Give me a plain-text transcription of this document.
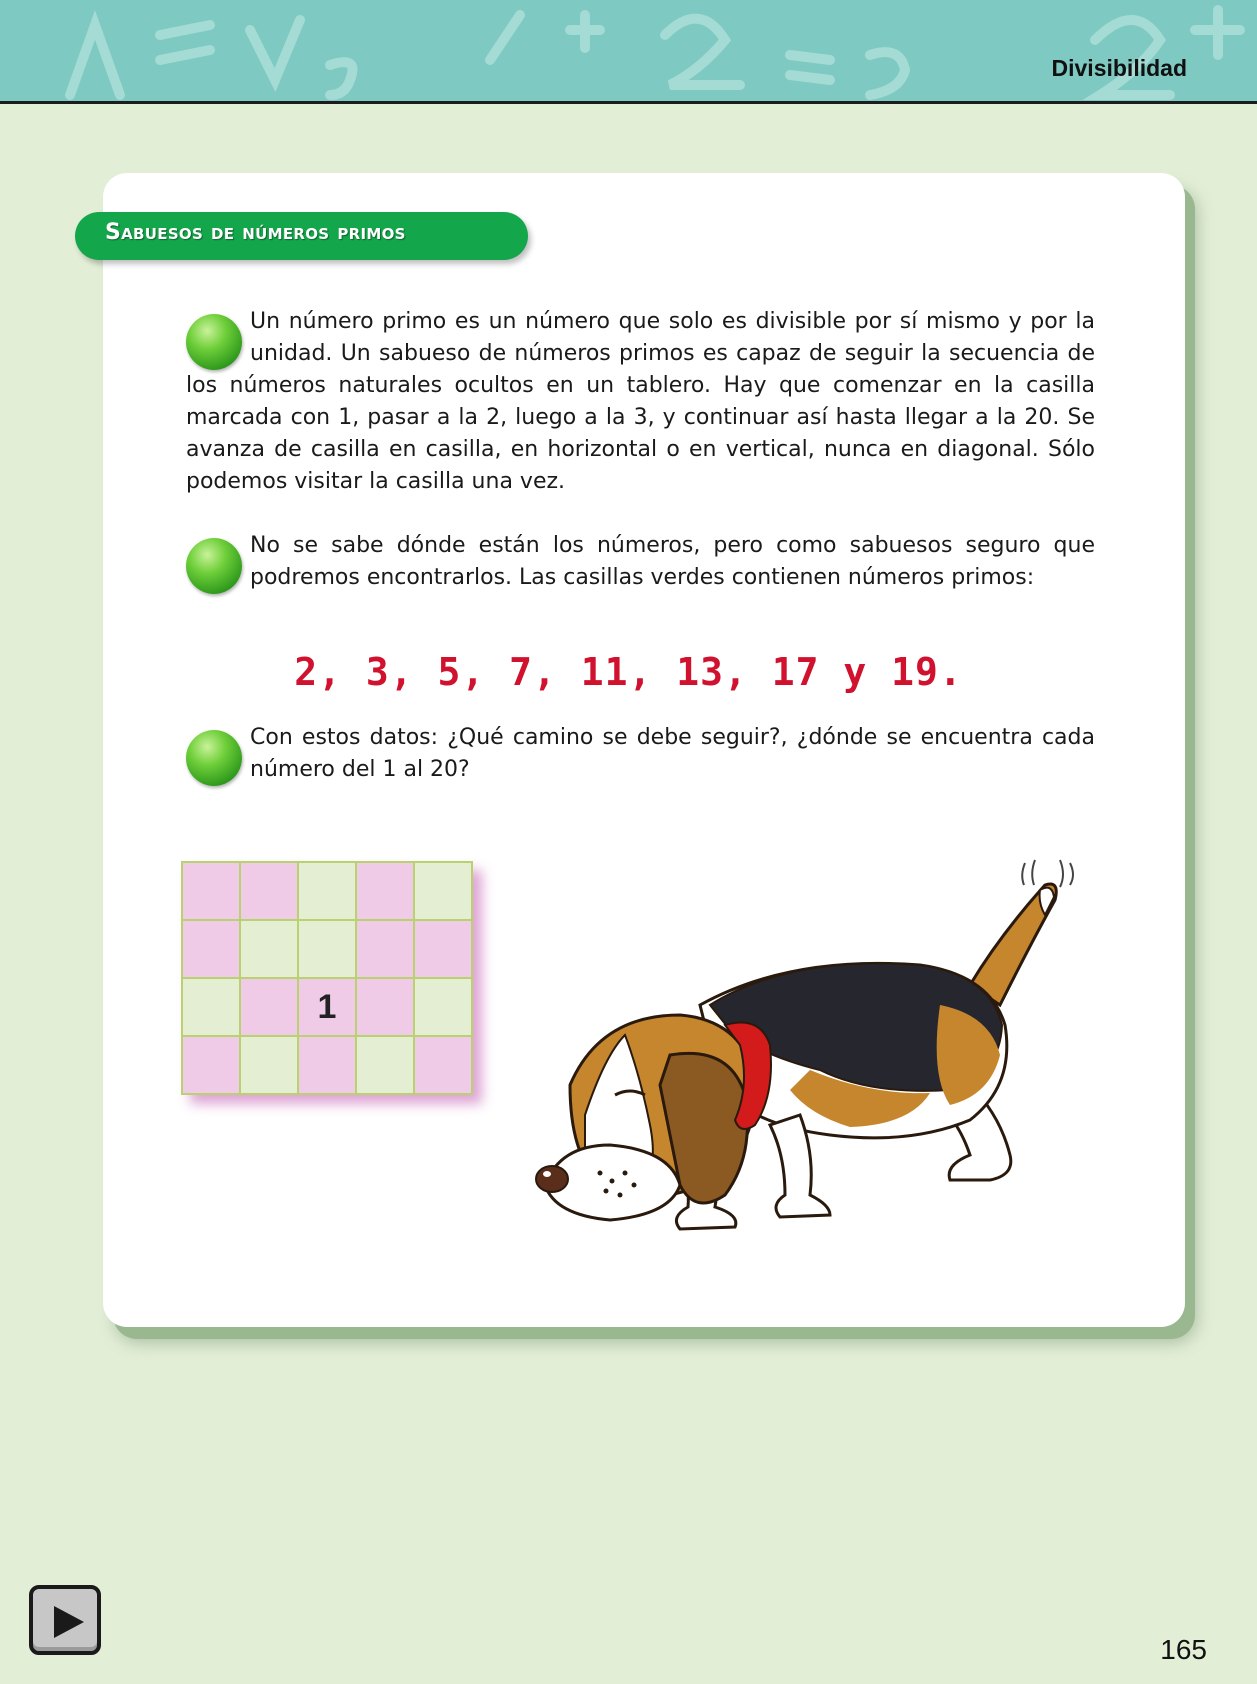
Divisibilidad
Sabuesos de números primos
Un número primo es un número que solo es divisible por sí mismo y por la unidad. Un sabueso de números primos es capaz de seguir la secuencia de los números naturales ocultos en un tablero. Hay que comenzar en la casilla marcada con 1, pasar a la 2, luego a la 3, y continuar así hasta llegar a la 20. Se avanza de casilla en casilla, en horizontal o en vertical, nunca en diagonal. Sólo podemos visitar la casilla una vez.
No se sabe dónde están los números, pero como sabuesos seguro que podremos encontrarlos. Las casillas verdes contienen números primos:
2, 3, 5, 7, 11, 13, 17 y 19.
Con estos datos: ¿Qué camino se debe seguir?, ¿dónde se encuentra cada número del 1 al 20?
1
165
